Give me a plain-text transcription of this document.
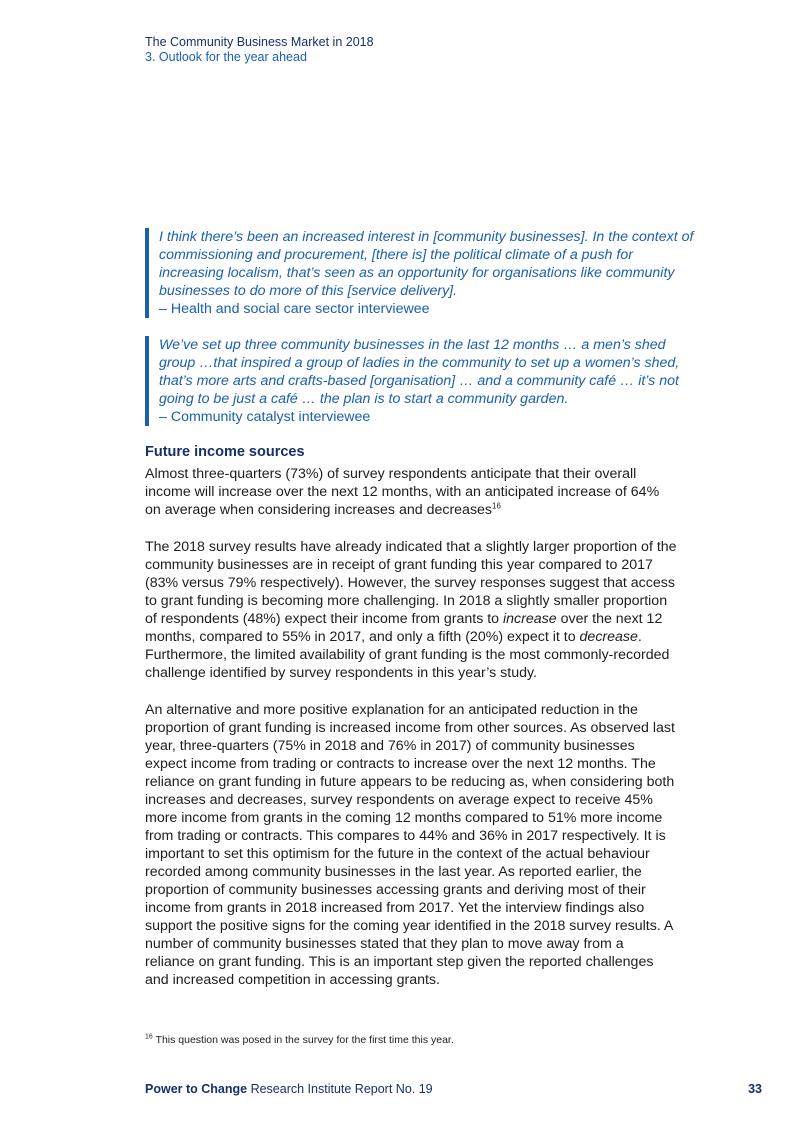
The Community Business Market in 2018
3. Outlook for the year ahead
I think there’s been an increased interest in [community businesses]. In the context of commissioning and procurement, [there is] the political climate of a push for increasing localism, that’s seen as an opportunity for organisations like community businesses to do more of this [service delivery].
– Health and social care sector interviewee
We’ve set up three community businesses in the last 12 months … a men’s shed group …that inspired a group of ladies in the community to set up a women’s shed, that’s more arts and crafts-based [organisation] … and a community café … it’s not going to be just a café … the plan is to start a community garden.
– Community catalyst interviewee
Future income sources

Almost three-quarters (73%) of survey respondents anticipate that their overall income will increase over the next 12 months, with an anticipated increase of 64% on average when considering increases and decreases$^{16}$

The 2018 survey results have already indicated that a slightly larger proportion of the community businesses are in receipt of grant funding this year compared to 2017 (83% versus 79% respectively). However, the survey responses suggest that access to grant funding is becoming more challenging. In 2018 a slightly smaller proportion of respondents (48%) expect their income from grants to increase over the next 12 months, compared to 55% in 2017, and only a fifth (20%) expect it to decrease. Furthermore, the limited availability of grant funding is the most commonly-recorded challenge identified by survey respondents in this year’s study.

An alternative and more positive explanation for an anticipated reduction in the proportion of grant funding is increased income from other sources. As observed last year, three-quarters (75% in 2018 and 76% in 2017) of community businesses expect income from trading or contracts to increase over the next 12 months. The reliance on grant funding in future appears to be reducing as, when considering both increases and decreases, survey respondents on average expect to receive 45% more income from grants in the coming 12 months compared to 51% more income from trading or contracts. This compares to 44% and 36% in 2017 respectively. It is important to set this optimism for the future in the context of the actual behaviour recorded among community businesses in the last year. As reported earlier, the proportion of community businesses accessing grants and deriving most of their income from grants in 2018 increased from 2017. Yet the interview findings also support the positive signs for the coming year identified in the 2018 survey results. A number of community businesses stated that they plan to move away from a reliance on grant funding. This is an important step given the reported challenges and increased competition in accessing grants.

$^{16}$ This question was posed in the survey for the first time this year.
Power to Change Research Institute Report No. 19	33
